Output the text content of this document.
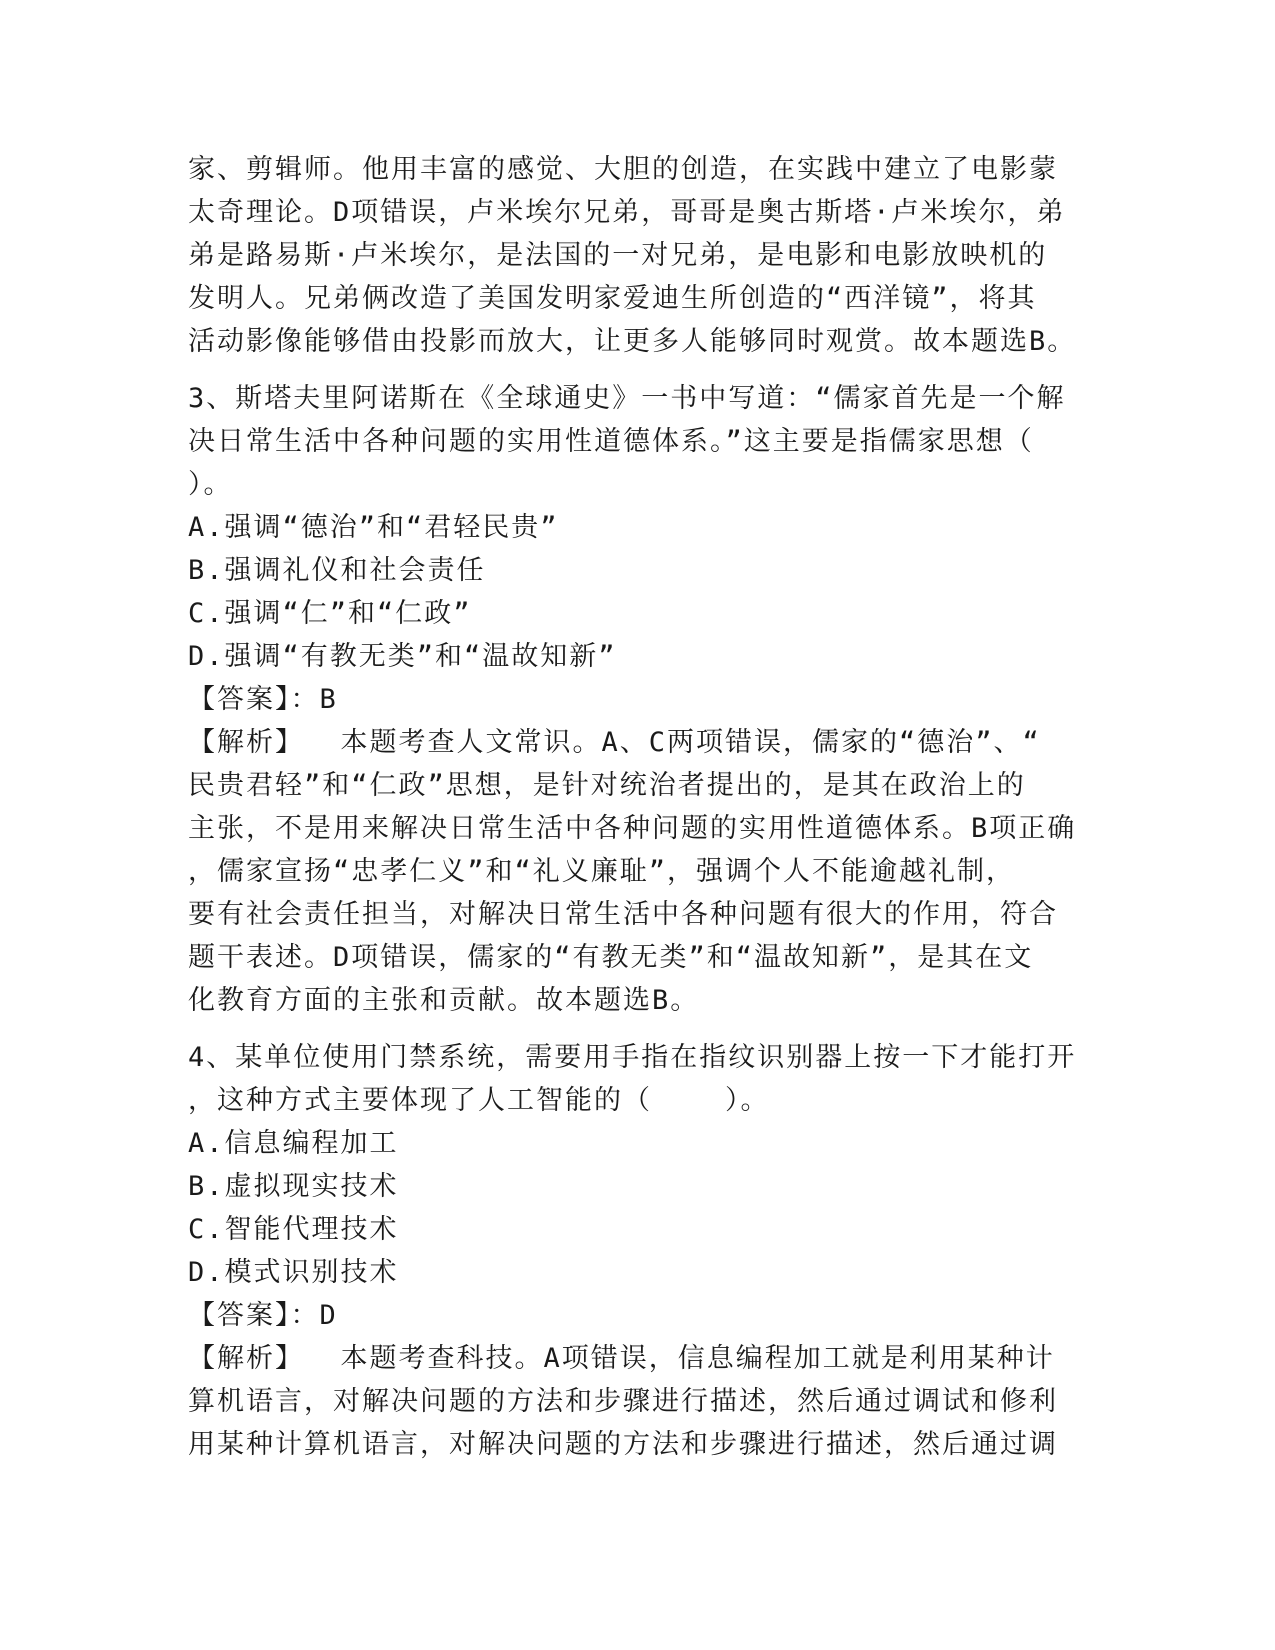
家、剪辑师。他用丰富的感觉、大胆的创造，在实践中建立了电影蒙
太奇理论。D项错误，卢米埃尔兄弟，哥哥是奥古斯塔·卢米埃尔，弟
弟是路易斯·卢米埃尔，是法国的一对兄弟，是电影和电影放映机的
发明人。兄弟俩改造了美国发明家爱迪生所创造的“西洋镜”，将其
活动影像能够借由投影而放大，让更多人能够同时观赏。故本题选B。
3、斯塔夫里阿诺斯在《全球通史》一书中写道：“儒家首先是一个解
决日常生活中各种问题的实用性道德体系。”这主要是指儒家思想（
）。
A.强调“德治”和“君轻民贵”
B.强调礼仪和社会责任
C.强调“仁”和“仁政”
D.强调“有教无类”和“温故知新”
【答案】：B
【解析】  本题考查人文常识。A、C两项错误，儒家的“德治”、“
民贵君轻”和“仁政”思想，是针对统治者提出的，是其在政治上的
主张，不是用来解决日常生活中各种问题的实用性道德体系。B项正确
，儒家宣扬“忠孝仁义”和“礼义廉耻”，强调个人不能逾越礼制，
要有社会责任担当，对解决日常生活中各种问题有很大的作用，符合
题干表述。D项错误，儒家的“有教无类”和“温故知新”，是其在文
化教育方面的主张和贡献。故本题选B。
4、某单位使用门禁系统，需要用手指在指纹识别器上按一下才能打开
，这种方式主要体现了人工智能的（    ）。
A.信息编程加工
B.虚拟现实技术
C.智能代理技术
D.模式识别技术
【答案】：D
【解析】  本题考查科技。A项错误，信息编程加工就是利用某种计
算机语言，对解决问题的方法和步骤进行描述，然后通过调试和修利
用某种计算机语言，对解决问题的方法和步骤进行描述，然后通过调
